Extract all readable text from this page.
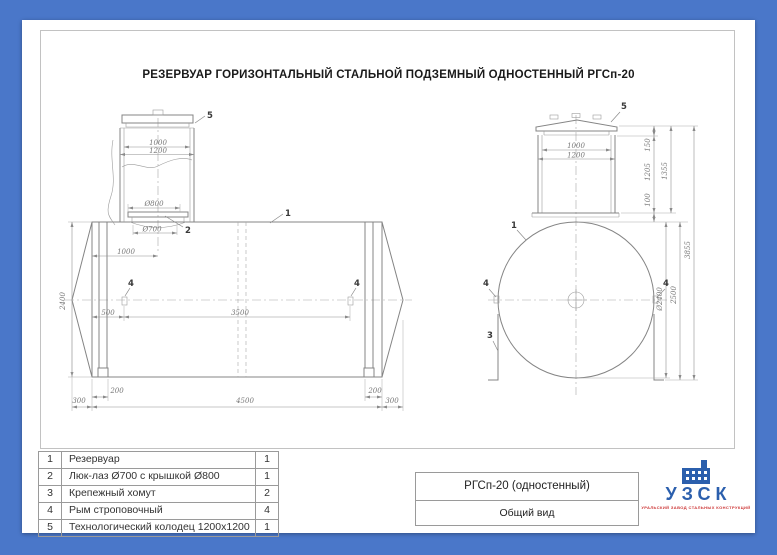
РЕЗЕРВУАР ГОРИЗОНТАЛЬНЫЙ СТАЛЬНОЙ ПОДЗЕМНЫЙ ОДНОСТЕННЫЙ РГСп-20
1000
1200
Ø800
Ø700
1000
2400
500	3500
200	200
300	4500	300
5
1
2
4	4
1000
1200
150
1205
100
1355
Ø2400 2500
3855
1
5
4	4
3
1	Резервуар	1
2	Люк-лаз Ø700 с крышкой Ø800	1
3	Крепежный хомут	2
4	Рым строповочный	4
5	Технологический колодец 1200x1200	1
РГСп-20 (одностенный)
Общий вид
УЗСК
УРАЛЬСКИЙ ЗАВОД СТАЛЬНЫХ КОНСТРУКЦИЙ
